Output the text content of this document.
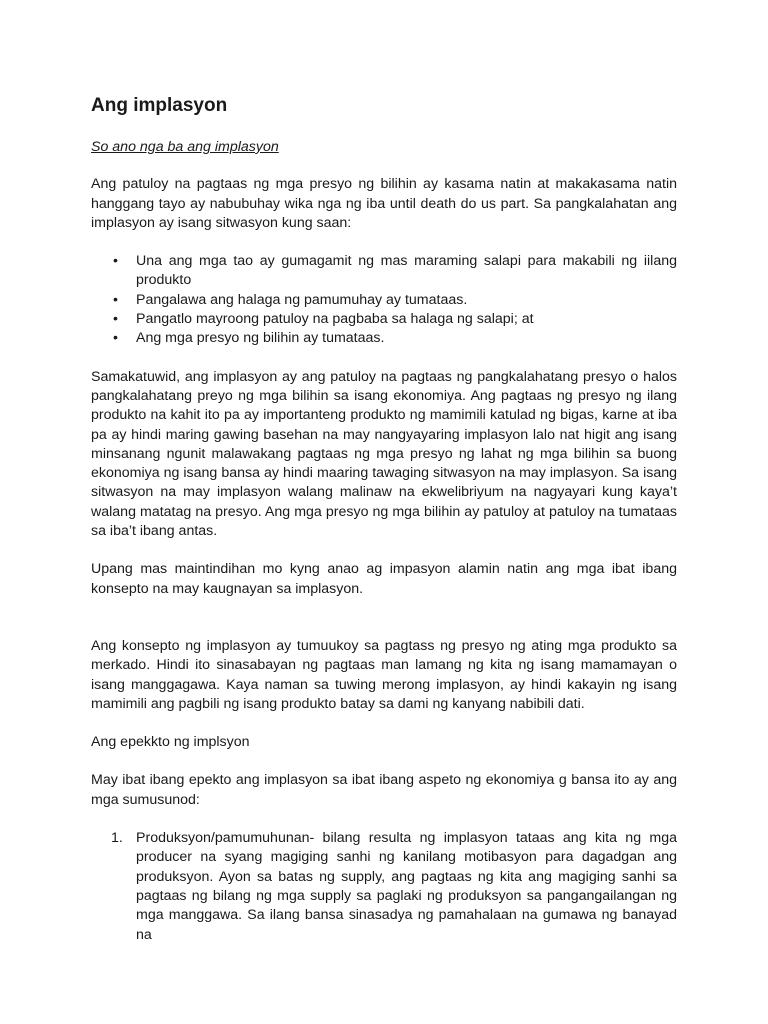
Ang implasyon
So ano nga ba ang implasyon

Ang patuloy na pagtaas ng mga presyo ng bilihin ay kasama natin at makakasama natin hanggang tayo ay nabubuhay wika nga ng iba until death do us part. Sa pangkalahatan ang implasyon ay isang sitwasyon kung saan:

• Una ang mga tao ay gumagamit ng mas maraming salapi para makabili ng iilang produkto
• Pangalawa ang halaga ng pamumuhay ay tumataas.
• Pangatlo mayroong patuloy na pagbaba sa halaga ng salapi; at
• Ang mga presyo ng bilihin ay tumataas.

Samakatuwid, ang implasyon ay ang patuloy na pagtaas ng pangkalahatang presyo o halos pangkalahatang preyo ng mga bilihin sa isang ekonomiya. Ang pagtaas ng presyo ng ilang produkto na kahit ito pa ay importanteng produkto ng mamimili katulad ng bigas, karne at iba pa ay hindi maring gawing basehan na may nangyayaring implasyon lalo nat higit ang isang minsanang ngunit malawakang pagtaas ng mga presyo ng lahat ng mga bilihin sa buong ekonomiya ng isang bansa ay hindi maaring tawaging sitwasyon na may implasyon. Sa isang sitwasyon na may implasyon walang malinaw na ekwelibriyum na nagyayari kung kaya’t walang matatag na presyo. Ang mga presyo ng mga bilihin ay patuloy at patuloy na tumataas sa iba’t ibang antas.

Upang mas maintindihan mo kyng anao ag impasyon alamin natin ang mga ibat ibang konsepto na may kaugnayan sa implasyon.

Ang konsepto ng implasyon ay tumuukoy sa pagtass ng presyo ng ating mga produkto sa merkado. Hindi ito sinasabayan ng pagtaas man lamang ng kita ng isang mamamayan o isang manggagawa. Kaya naman sa tuwing merong implasyon, ay hindi kakayin ng isang mamimili ang pagbili ng isang produkto batay sa dami ng kanyang nabibili dati.

Ang epekkto ng implsyon

May ibat ibang epekto ang implasyon sa ibat ibang aspeto ng ekonomiya g bansa ito ay ang mga sumusunod:

1. Produksyon/pamumuhunan- bilang resulta ng implasyon tataas ang kita ng mga producer na syang magiging sanhi ng kanilang motibasyon para dagadgan ang produksyon. Ayon sa batas ng supply, ang pagtaas ng kita ang magiging sanhi sa pagtaas ng bilang ng mga supply sa paglaki ng produksyon sa pangangailangan ng mga manggawa. Sa ilang bansa sinasadya ng pamahalaan na gumawa ng banayad na
